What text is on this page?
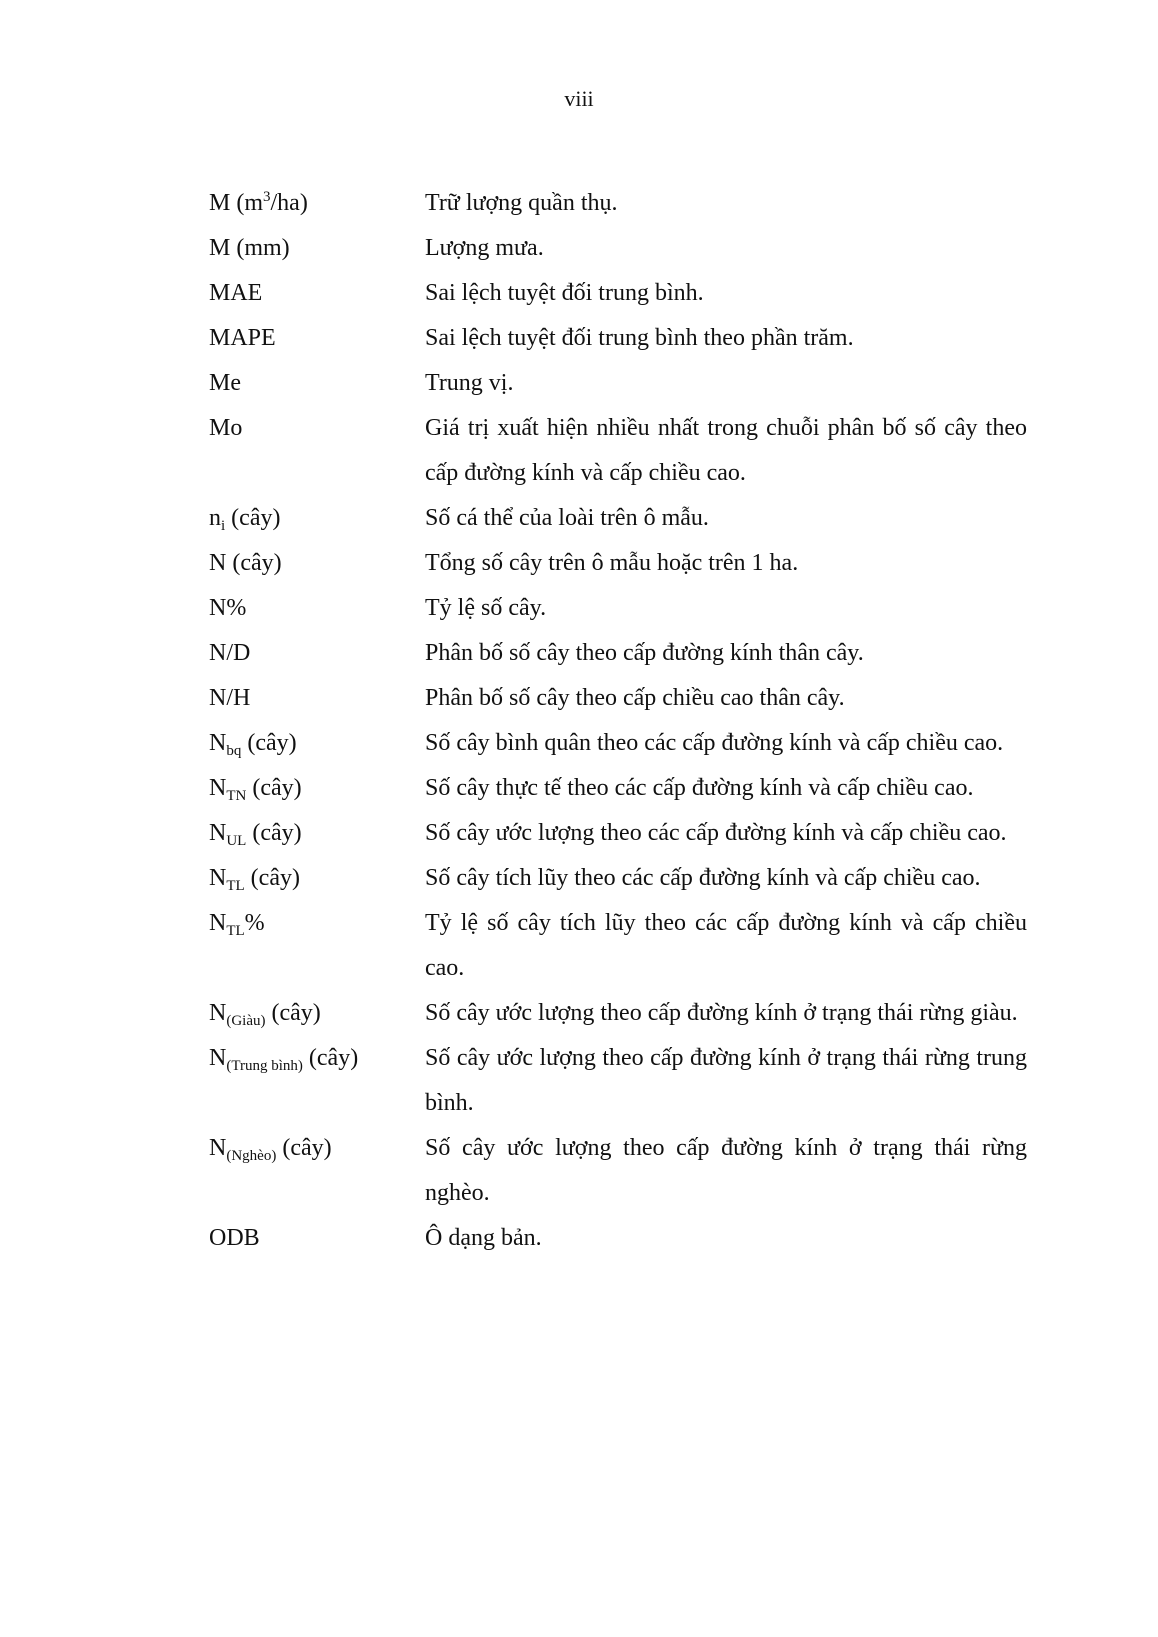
viii
M $(m^3/ha)$	Trữ lượng quần thụ.
M (mm)	Lượng mưa.
MAE	Sai lệch tuyệt đối trung bình.
MAPE	Sai lệch tuyệt đối trung bình theo phần trăm.
Me	Trung vị.
Mo	Giá trị xuất hiện nhiều nhất trong chuỗi phân bố số cây theo cấp đường kính và cấp chiều cao.
$n_i$ (cây)	Số cá thể của loài trên ô mẫu.
N (cây)	Tổng số cây trên ô mẫu hoặc trên 1 ha.
N%	Tỷ lệ số cây.
N/D	Phân bố số cây theo cấp đường kính thân cây.
N/H	Phân bố số cây theo cấp chiều cao thân cây.
$N_{bq}$ (cây)	Số cây bình quân theo các cấp đường kính và cấp chiều cao.
$N_{TN}$ (cây)	Số cây thực tế theo các cấp đường kính và cấp chiều cao.
$N_{UL}$ (cây)	Số cây ước lượng theo các cấp đường kính và cấp chiều cao.
$N_{TL}$ (cây)	Số cây tích lũy theo các cấp đường kính và cấp chiều cao.
$N_{TL}\%$	Tỷ lệ số cây tích lũy theo các cấp đường kính và cấp chiều cao.
$N_{(Giàu)}$ (cây)	Số cây ước lượng theo cấp đường kính ở trạng thái rừng giàu.
$N_{(Trung bình)}$ (cây)	Số cây ước lượng theo cấp đường kính ở trạng thái rừng trung bình.
$N_{(Nghèo)}$ (cây)	Số cây ước lượng theo cấp đường kính ở trạng thái rừng nghèo.
ODB	Ô dạng bản.
